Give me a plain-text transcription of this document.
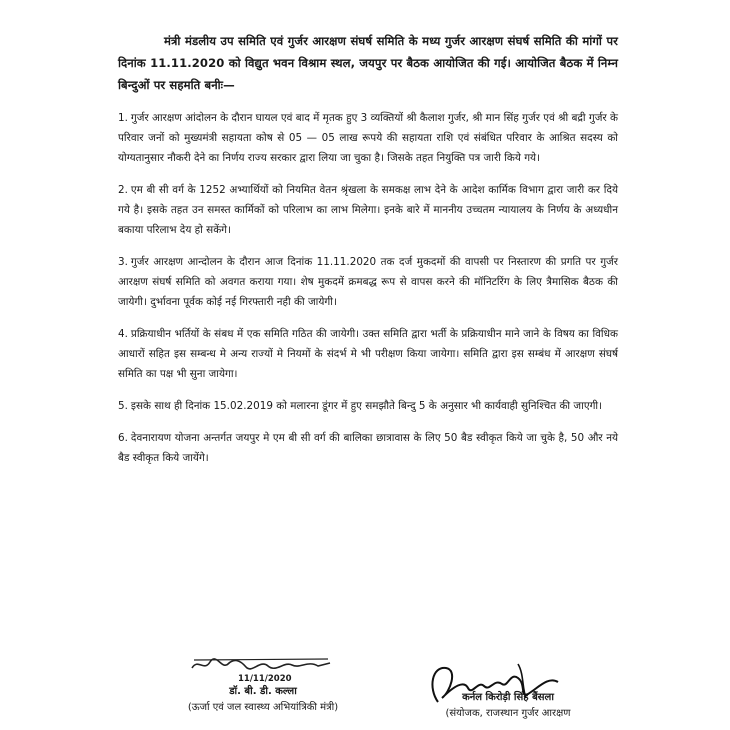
मंत्री मंडलीय उप समिति एवं गुर्जर आरक्षण संघर्ष समिति के मध्य गुर्जर आरक्षण संघर्ष समिति की मांगों पर दिनांक 11.11.2020 को विद्युत भवन विश्राम स्थल, जयपुर पर बैठक आयोजित की गई। आयोजित बैठक में निम्न बिन्दुओं पर सहमति बनीः—

1. गुर्जर आरक्षण आंदोलन के दौरान घायल एवं बाद में मृतक हुए 3 व्यक्तियों श्री कैलाश गुर्जर, श्री मान सिंह गुर्जर एवं श्री बद्री गुर्जर के परिवार जनों को मुख्यमंत्री सहायता कोष से 05 — 05 लाख रूपये की सहायता राशि एवं संबंधित परिवार के आश्रित सदस्य को योग्यतानुसार नौकरी देने का निर्णय राज्य सरकार द्वारा लिया जा चुका है। जिसके तहत नियुक्ति पत्र जारी किये गये।

2. एम बी सी वर्ग के 1252 अभ्यार्थियों को नियमित वेतन श्रृंखला के समकक्ष लाभ देने के आदेश कार्मिक विभाग द्वारा जारी कर दिये गये है। इसके तहत उन समस्त कार्मिकों को परिलाभ का लाभ मिलेगा। इनके बारे में माननीय उच्चतम न्यायालय के निर्णय के अध्यधीन बकाया परिलाभ देय हो सकेंगे।

3. गुर्जर आरक्षण आन्दोलन के दौरान आज दिनांक 11.11.2020 तक दर्ज मुकदमों की वापसी पर निस्तारण की प्रगति पर गुर्जर आरक्षण संघर्ष समिति को अवगत कराया गया। शेष मुकदमें क्रमबद्ध रूप से वापस करने की मॉनिटरिंग के लिए त्रैमासिक बैठक की जायेगी। दुर्भावना पूर्वक कोई नई गिरफ्तारी नही की जायेगी।

4. प्रक्रियाधीन भर्तियों के संबध में एक समिति गठित की जायेगी। उक्त समिति द्वारा भर्ती के प्रक्रियाधीन माने जाने के विषय का विधिक आधारों सहित इस सम्बन्ध मे अन्य राज्यों मे नियमों के संदर्भ मे भी परीक्षण किया जायेगा। समिति द्वारा इस सम्बंध में आरक्षण संघर्ष समिति का पक्ष भी सुना जायेगा।

5. इसके साथ ही दिनांक 15.02.2019 को मलारना डूंगर में हुए समझौते बिन्दु 5 के अनुसार भी कार्यवाही सुनिश्चित की जाएगी।

6. देवनारायण योजना अन्तर्गत जयपुर मे एम बी सी वर्ग की बालिका छात्रावास के लिए 50 बैड स्वीकृत किये जा चुके है, 50 और नये बैड स्वीकृत किये जायेंगे।

11/11/2020
डॉ. बी. डी. कल्ला
(ऊर्जा एवं जल स्वास्थ्य अभियांत्रिकी मंत्री)
कर्नल किरोड़ी सिंह बैंसला
(संयोजक, राजस्थान गुर्जर आरक्षण
